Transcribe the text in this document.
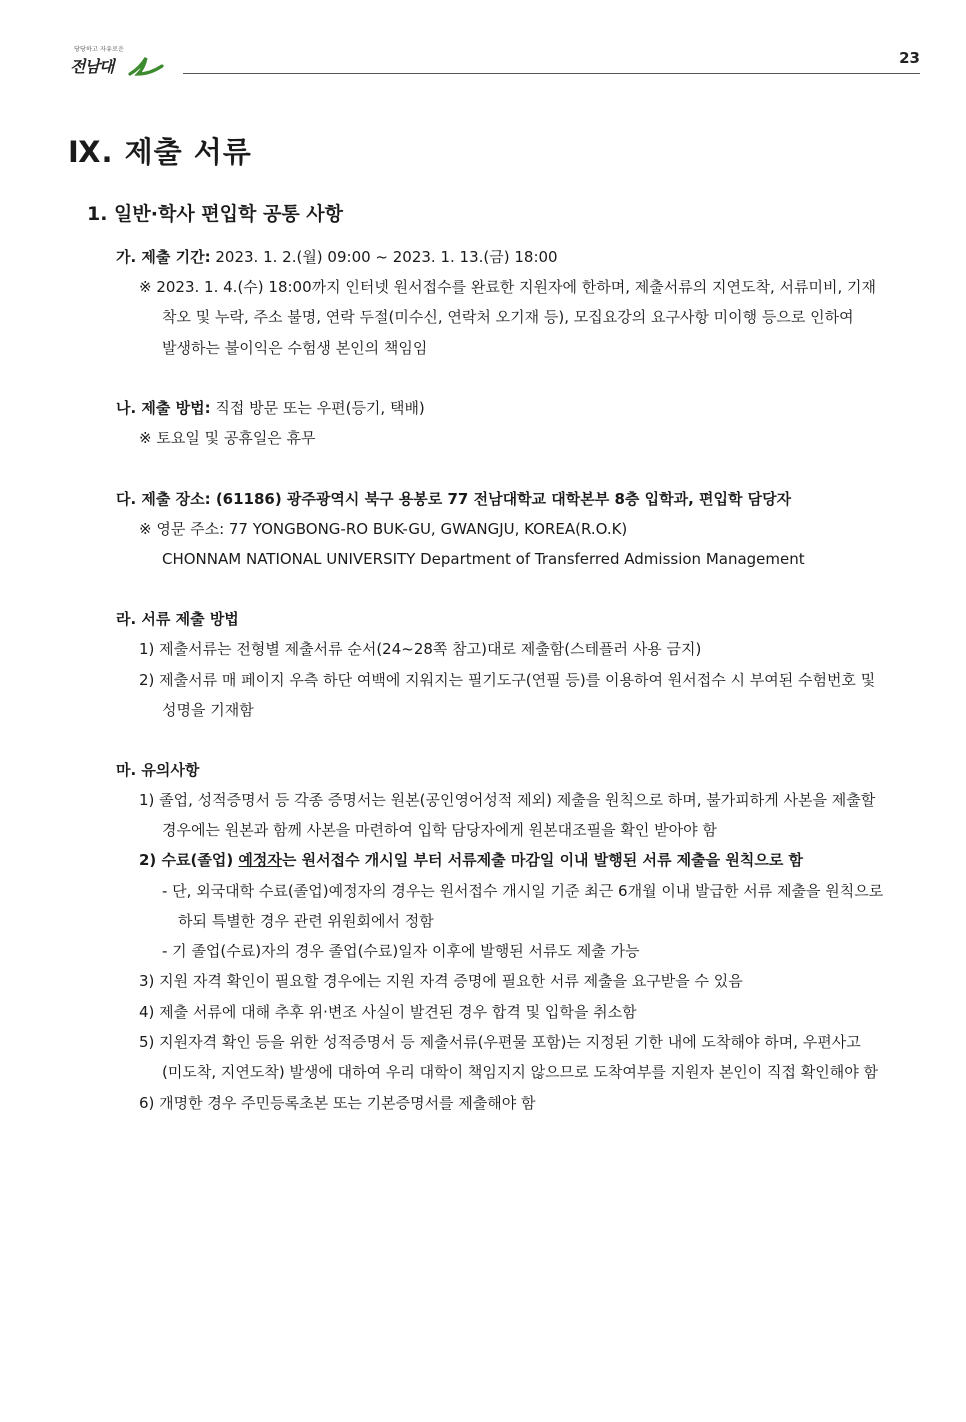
당당하고 자유로운
전남대	23
Ⅸ. 제출 서류
1. 일반·학사 편입학 공통 사항
가. 제출 기간: 2023. 1. 2.(월) 09:00 ~ 2023. 1. 13.(금) 18:00
※ 2023. 1. 4.(수) 18:00까지 인터넷 원서접수를 완료한 지원자에 한하며, 제출서류의 지연도착, 서류미비, 기재
착오 및 누락, 주소 불명, 연락 두절(미수신, 연락처 오기재 등), 모집요강의 요구사항 미이행 등으로 인하여
발생하는 불이익은 수험생 본인의 책임임
나. 제출 방법: 직접 방문 또는 우편(등기, 택배)
※ 토요일 및 공휴일은 휴무
다. 제출 장소: (61186) 광주광역시 북구 용봉로 77 전남대학교 대학본부 8층 입학과, 편입학 담당자
※ 영문 주소: 77 YONGBONG-RO BUK-GU, GWANGJU, KOREA(R.O.K)
CHONNAM NATIONAL UNIVERSITY Department of Transferred Admission Management
라. 서류 제출 방법
1) 제출서류는 전형별 제출서류 순서(24~28쪽 참고)대로 제출함(스테플러 사용 금지)
2) 제출서류 매 페이지 우측 하단 여백에 지워지는 필기도구(연필 등)를 이용하여 원서접수 시 부여된 수험번호 및
성명을 기재함
마. 유의사항
1) 졸업, 성적증명서 등 각종 증명서는 원본(공인영어성적 제외) 제출을 원칙으로 하며, 불가피하게 사본을 제출할
경우에는 원본과 함께 사본을 마련하여 입학 담당자에게 원본대조필을 확인 받아야 함
2) 수료(졸업) 예정자는 원서접수 개시일 부터 서류제출 마감일 이내 발행된 서류 제출을 원칙으로 함
- 단, 외국대학 수료(졸업)예정자의 경우는 원서접수 개시일 기준 최근 6개월 이내 발급한 서류 제출을 원칙으로
하되 특별한 경우 관련 위원회에서 정함
- 기 졸업(수료)자의 경우 졸업(수료)일자 이후에 발행된 서류도 제출 가능
3) 지원 자격 확인이 필요할 경우에는 지원 자격 증명에 필요한 서류 제출을 요구받을 수 있음
4) 제출 서류에 대해 추후 위·변조 사실이 발견된 경우 합격 및 입학을 취소함
5) 지원자격 확인 등을 위한 성적증명서 등 제출서류(우편물 포함)는 지정된 기한 내에 도착해야 하며, 우편사고
(미도착, 지연도착) 발생에 대하여 우리 대학이 책임지지 않으므로 도착여부를 지원자 본인이 직접 확인해야 함
6) 개명한 경우 주민등록초본 또는 기본증명서를 제출해야 함
